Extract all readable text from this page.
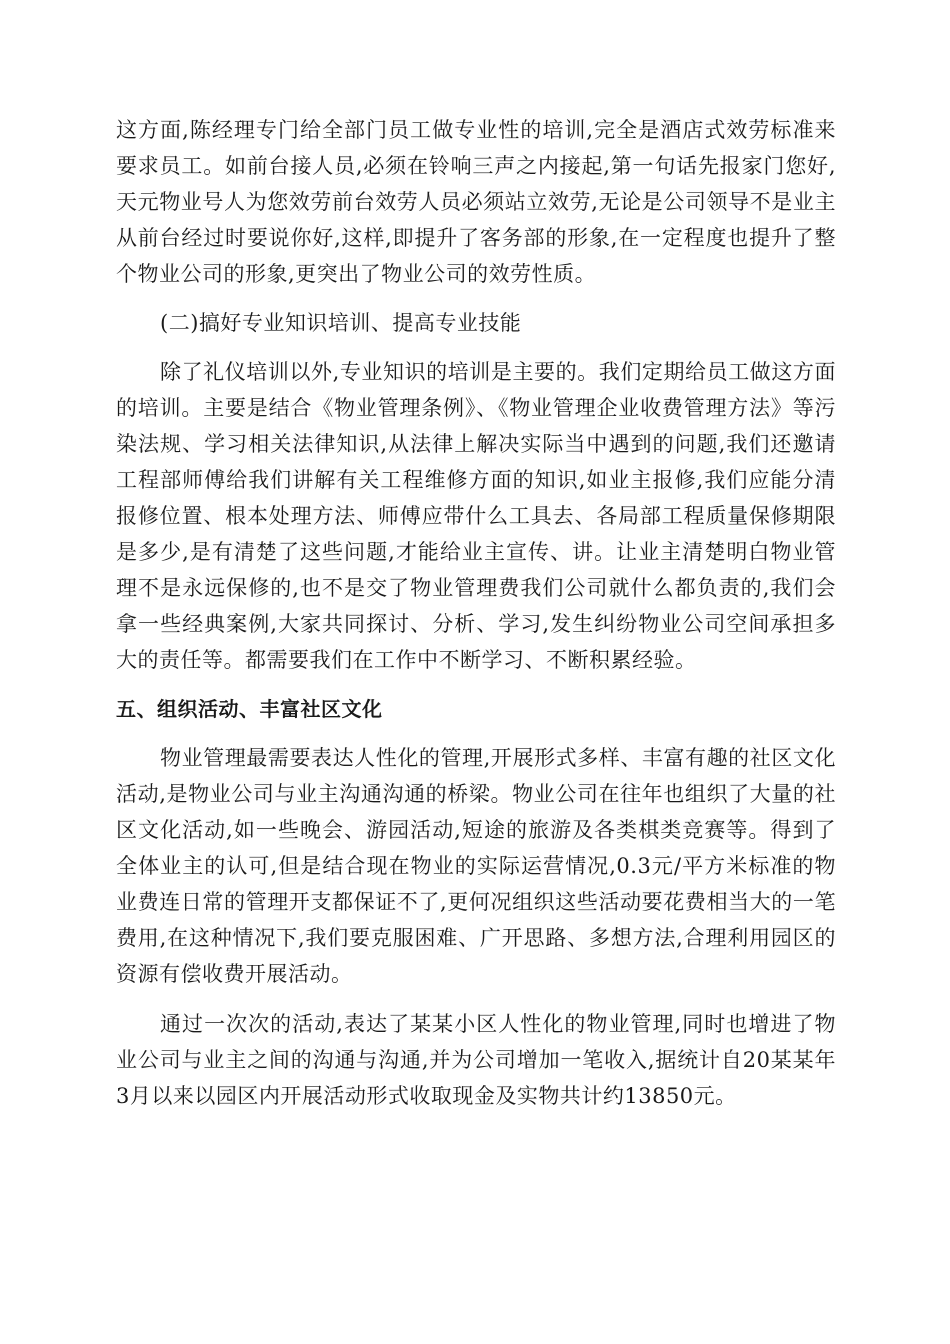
这方面,陈经理专门给全部门员工做专业性的培训,完全是酒店式效劳标准来要求员工。如前台接人员,必须在铃响三声之内接起,第一句话先报家门您好,天元物业号人为您效劳前台效劳人员必须站立效劳,无论是公司领导不是业主从前台经过时要说你好,这样,即提升了客务部的形象,在一定程度也提升了整个物业公司的形象,更突出了物业公司的效劳性质。

(二)搞好专业知识培训、提高专业技能

除了礼仪培训以外,专业知识的培训是主要的。我们定期给员工做这方面的培训。主要是结合《物业管理条例》、《物业管理企业收费管理方法》等污染法规、学习相关法律知识,从法律上解决实际当中遇到的问题,我们还邀请工程部师傅给我们讲解有关工程维修方面的知识,如业主报修,我们应能分清报修位置、根本处理方法、师傅应带什么工具去、各局部工程质量保修期限是多少,是有清楚了这些问题,才能给业主宣传、讲。让业主清楚明白物业管理不是永远保修的,也不是交了物业管理费我们公司就什么都负责的,我们会拿一些经典案例,大家共同探讨、分析、学习,发生纠纷物业公司空间承担多大的责任等。都需要我们在工作中不断学习、不断积累经验。

五、组织活动、丰富社区文化

物业管理最需要表达人性化的管理,开展形式多样、丰富有趣的社区文化活动,是物业公司与业主沟通沟通的桥梁。物业公司在往年也组织了大量的社区文化活动,如一些晚会、游园活动,短途的旅游及各类棋类竞赛等。得到了全体业主的认可,但是结合现在物业的实际运营情况,0.3元/平方米标准的物业费连日常的管理开支都保证不了,更何况组织这些活动要花费相当大的一笔费用,在这种情况下,我们要克服困难、广开思路、多想方法,合理利用园区的资源有偿收费开展活动。

通过一次次的活动,表达了某某小区人性化的物业管理,同时也增进了物业公司与业主之间的沟通与沟通,并为公司增加一笔收入,据统计自20某某年3月以来以园区内开展活动形式收取现金及实物共计约13850元。
